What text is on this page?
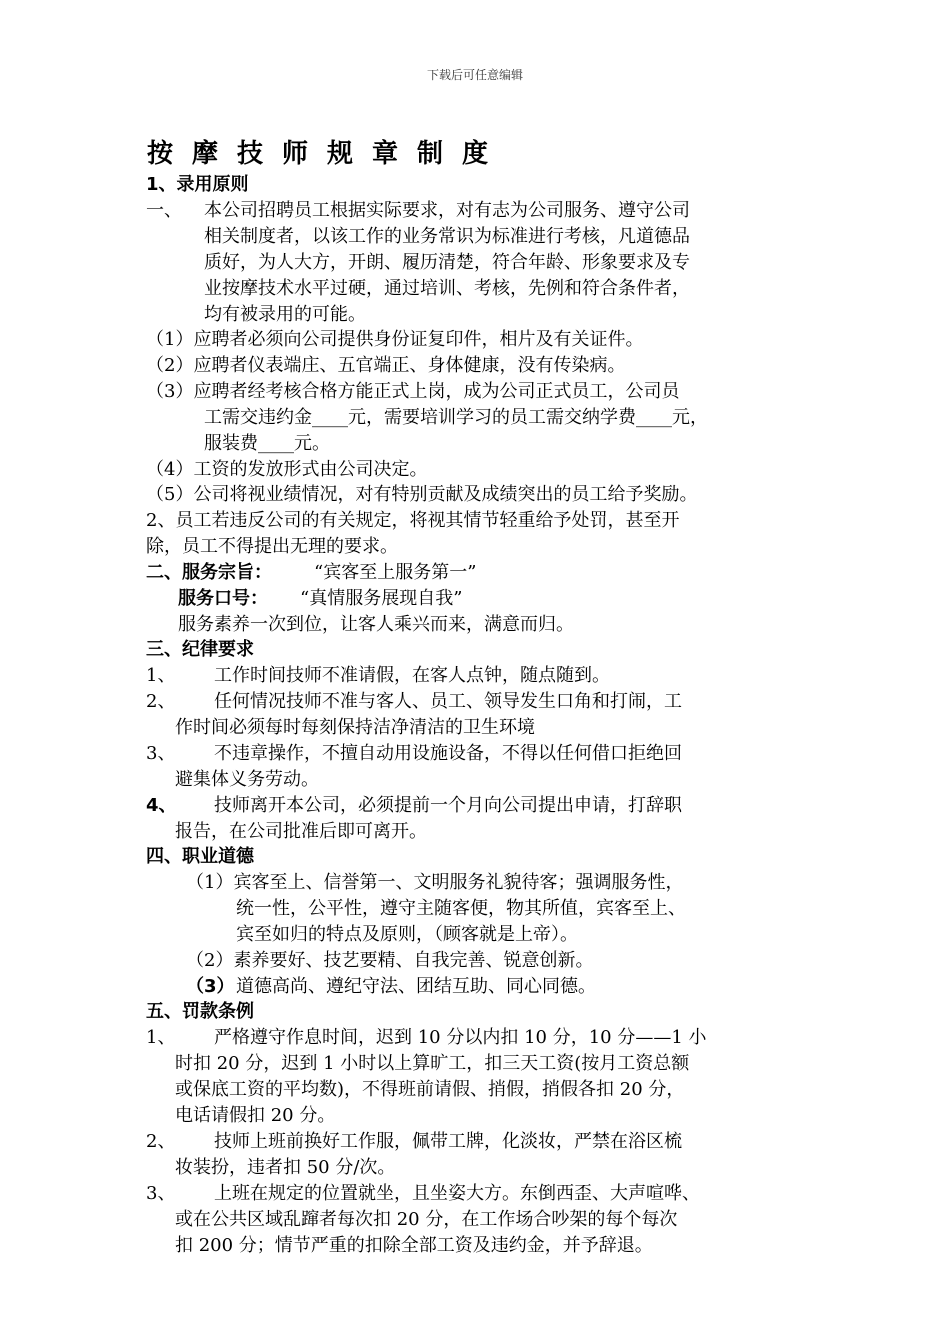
下载后可任意编辑
按摩技师规章制度
1、录用原则
一、 本公司招聘员工根据实际要求，对有志为公司服务、遵守公司
相关制度者，以该工作的业务常识为标准进行考核，凡道德品
质好，为人大方，开朗、履历清楚，符合年龄、形象要求及专
业按摩技术水平过硬，通过培训、考核，先例和符合条件者，
均有被录用的可能。
（1）应聘者必须向公司提供身份证复印件，相片及有关证件。
（2）应聘者仪表端庄、五官端正、身体健康，没有传染病。
（3）应聘者经考核合格方能正式上岗，成为公司正式员工，公司员
工需交违约金____元，需要培训学习的员工需交纳学费____元，
服装费____元。
（4）工资的发放形式由公司决定。
（5）公司将视业绩情况，对有特别贡献及成绩突出的员工给予奖励。
2、员工若违反公司的有关规定，将视其情节轻重给予处罚，甚至开
除，员工不得提出无理的要求。
二、服务宗旨： “宾客至上服务第一”
服务口号： “真情服务展现自我”
服务素养一次到位，让客人乘兴而来，满意而归。
三、纪律要求
1、 工作时间技师不准请假，在客人点钟，随点随到。
2、 任何情况技师不准与客人、员工、领导发生口角和打闹，工
作时间必须每时每刻保持洁净清洁的卫生环境
3、 不违章操作，不擅自动用设施设备，不得以任何借口拒绝回
避集体义务劳动。
4、 技师离开本公司，必须提前一个月向公司提出申请，打辞职
报告，在公司批准后即可离开。
四、职业道德
（1）宾客至上、信誉第一、文明服务礼貌待客；强调服务性，
统一性，公平性，遵守主随客便，物其所值，宾客至上、
宾至如归的特点及原则，（顾客就是上帝）。
（2）素养要好、技艺要精、自我完善、锐意创新。
（3） 道德高尚、遵纪守法、团结互助、同心同德。
五、罚款条例
1、 严格遵守作息时间，迟到 10 分以内扣 10 分，10 分——1 小
时扣 20 分，迟到 1 小时以上算旷工，扣三天工资(按月工资总额
或保底工资的平均数)，不得班前请假、捎假，捎假各扣 20 分，
电话请假扣 20 分。
2、 技师上班前换好工作服，佩带工牌，化淡妆，严禁在浴区梳
妆装扮，违者扣 50 分/次。
3、 上班在规定的位置就坐，且坐姿大方。东倒西歪、大声喧哗、
或在公共区域乱蹿者每次扣 20 分，在工作场合吵架的每个每次
扣 200 分；情节严重的扣除全部工资及违约金，并予辞退。
